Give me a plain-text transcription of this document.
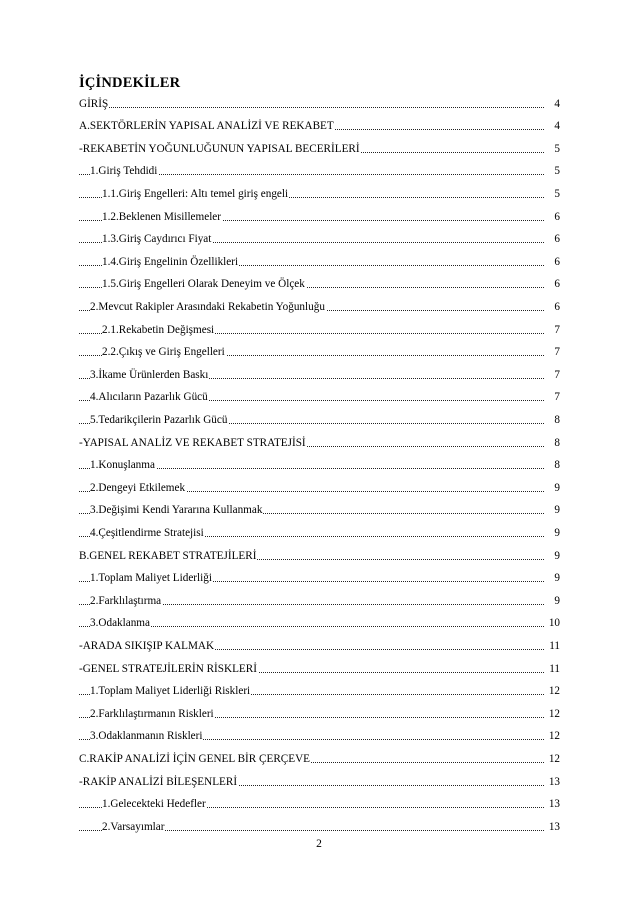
İÇİNDEKİLER
GİRİŞ	4
A.SEKTÖRLERİN YAPISAL ANALİZİ VE REKABET	4
-REKABETİN YOĞUNLUĞUNUN YAPISAL BECERİLERİ	5
1.Giriş Tehdidi	5
1.1.Giriş Engelleri: Altı temel giriş engeli	5
1.2.Beklenen Misillemeler	6
1.3.Giriş Caydırıcı Fiyat	6
1.4.Giriş Engelinin Özellikleri	6
1.5.Giriş Engelleri Olarak Deneyim ve Ölçek	6
2.Mevcut Rakipler Arasındaki Rekabetin Yoğunluğu	6
2.1.Rekabetin Değişmesi	7
2.2.Çıkış ve Giriş Engelleri	7
3.İkame Ürünlerden Baskı	7
4.Alıcıların Pazarlık Gücü	7
5.Tedarikçilerin Pazarlık Gücü	8
-YAPISAL ANALİZ VE REKABET STRATEJİSİ	8
1.Konuşlanma	8
2.Dengeyi Etkilemek	9
3.Değişimi Kendi Yararına Kullanmak	9
4.Çeşitlendirme Stratejisi	9
B.GENEL REKABET STRATEJİLERİ	9
1.Toplam Maliyet Liderliği	9
2.Farklılaştırma	9
3.Odaklanma	10
-ARADA SIKIŞIP KALMAK	11
-GENEL STRATEJİLERİN RİSKLERİ	11
1.Toplam Maliyet Liderliği Riskleri	12
2.Farklılaştırmanın Riskleri	12
3.Odaklanmanın Riskleri	12
C.RAKİP ANALİZİ İÇİN GENEL BİR ÇERÇEVE	12
-RAKİP ANALİZİ BİLEŞENLERİ	13
1.Gelecekteki Hedefler	13
2.Varsayımlar	13
2
